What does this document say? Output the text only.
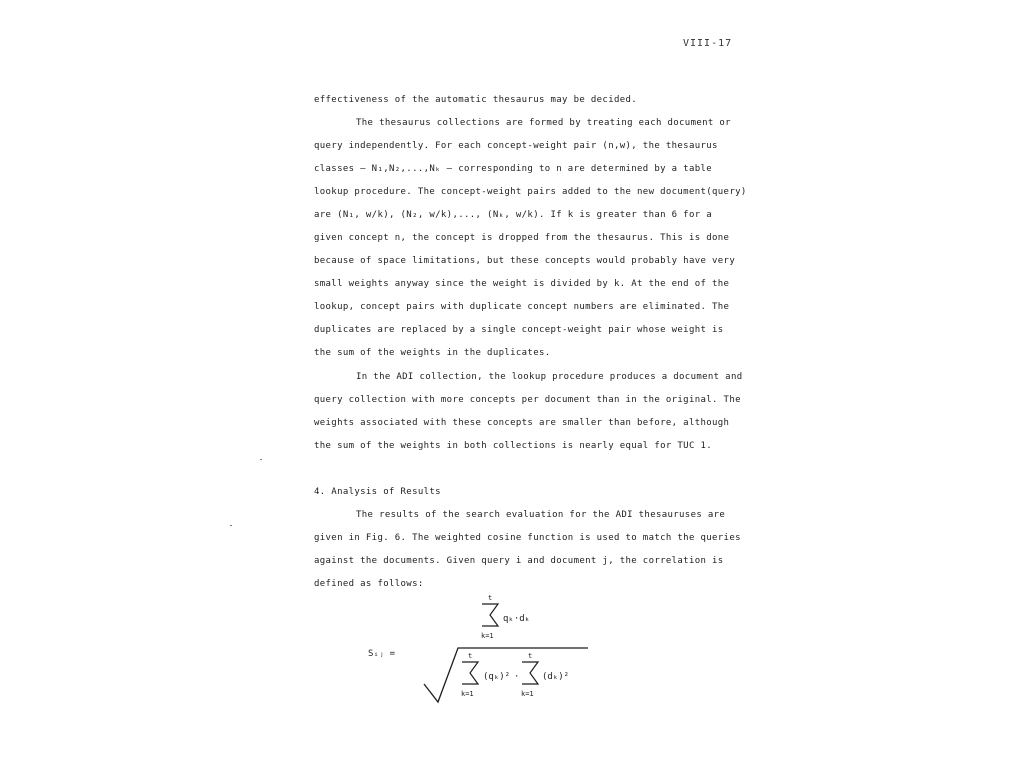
VIII-17
effectiveness of the automatic thesaurus may be decided.
The thesaurus collections are formed by treating each document or
query independently. For each concept-weight pair (n,w), the thesaurus
classes — N₁,N₂,...,Nₖ — corresponding to n are determined by a table
lookup procedure. The concept-weight pairs added to the new document(query)
are (N₁, w/k), (N₂, w/k),..., (Nₖ, w/k). If k is greater than 6 for a
given concept n, the concept is dropped from the thesaurus. This is done
because of space limitations, but these concepts would probably have very
small weights anyway since the weight is divided by k. At the end of the
lookup, concept pairs with duplicate concept numbers are eliminated. The
duplicates are replaced by a single concept-weight pair whose weight is
the sum of the weights in the duplicates.
In the ADI collection, the lookup procedure produces a document and
query collection with more concepts per document than in the original. The
weights associated with these concepts are smaller than before, although
the sum of the weights in both collections is nearly equal for TUC 1.
4. Analysis of Results
The results of the search evaluation for the ADI thesauruses are
given in Fig. 6. The weighted cosine function is used to match the queries
against the documents. Given query i and document j, the correlation is
defined as follows:
Sᵢⱼ =
t
k=1
qₖ·dₖ
t
k=1
(qₖ)² ·
t
k=1
(dₖ)²
